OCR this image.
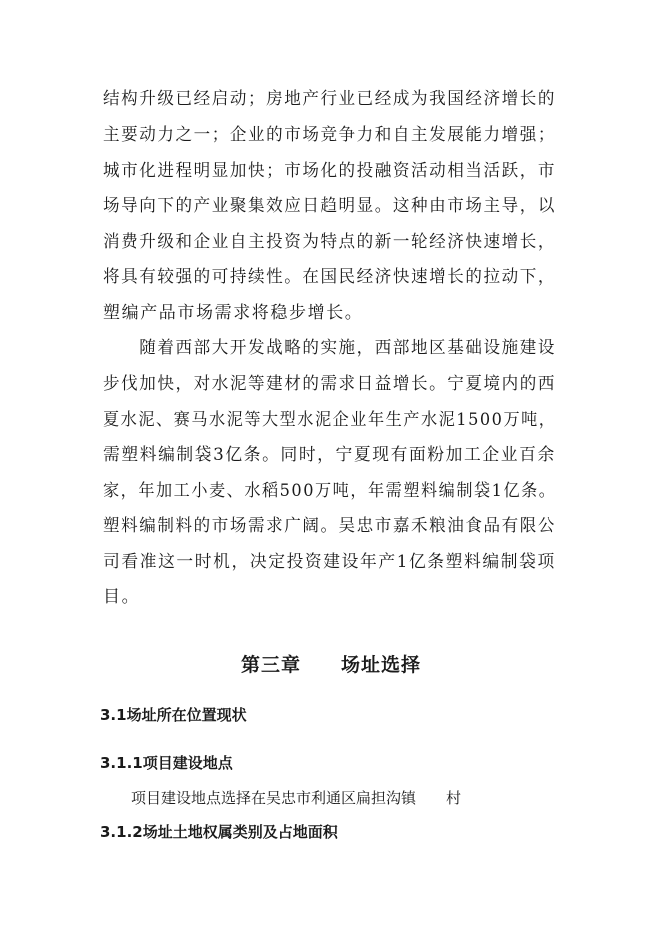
结构升级已经启动；房地产行业已经成为我国经济增长的
主要动力之一；企业的市场竞争力和自主发展能力增强；
城市化进程明显加快；市场化的投融资活动相当活跃，市
场导向下的产业聚集效应日趋明显。这种由市场主导，以
消费升级和企业自主投资为特点的新一轮经济快速增长，
将具有较强的可持续性。在国民经济快速增长的拉动下，
塑编产品市场需求将稳步增长。
　　随着西部大开发战略的实施，西部地区基础设施建设
步伐加快，对水泥等建材的需求日益增长。宁夏境内的西
夏水泥、赛马水泥等大型水泥企业年生产水泥1500万吨，
需塑料编制袋3亿条。同时，宁夏现有面粉加工企业百余
家，年加工小麦、水稻500万吨，年需塑料编制袋1亿条。
塑料编制料的市场需求广阔。吴忠市嘉禾粮油食品有限公
司看准这一时机，决定投资建设年产1亿条塑料编制袋项
目。
第三章　　场址选择
3.1场址所在位置现状
3.1.1项目建设地点
项目建设地点选择在吴忠市利通区扁担沟镇　　村
3.1.2场址土地权属类别及占地面积
